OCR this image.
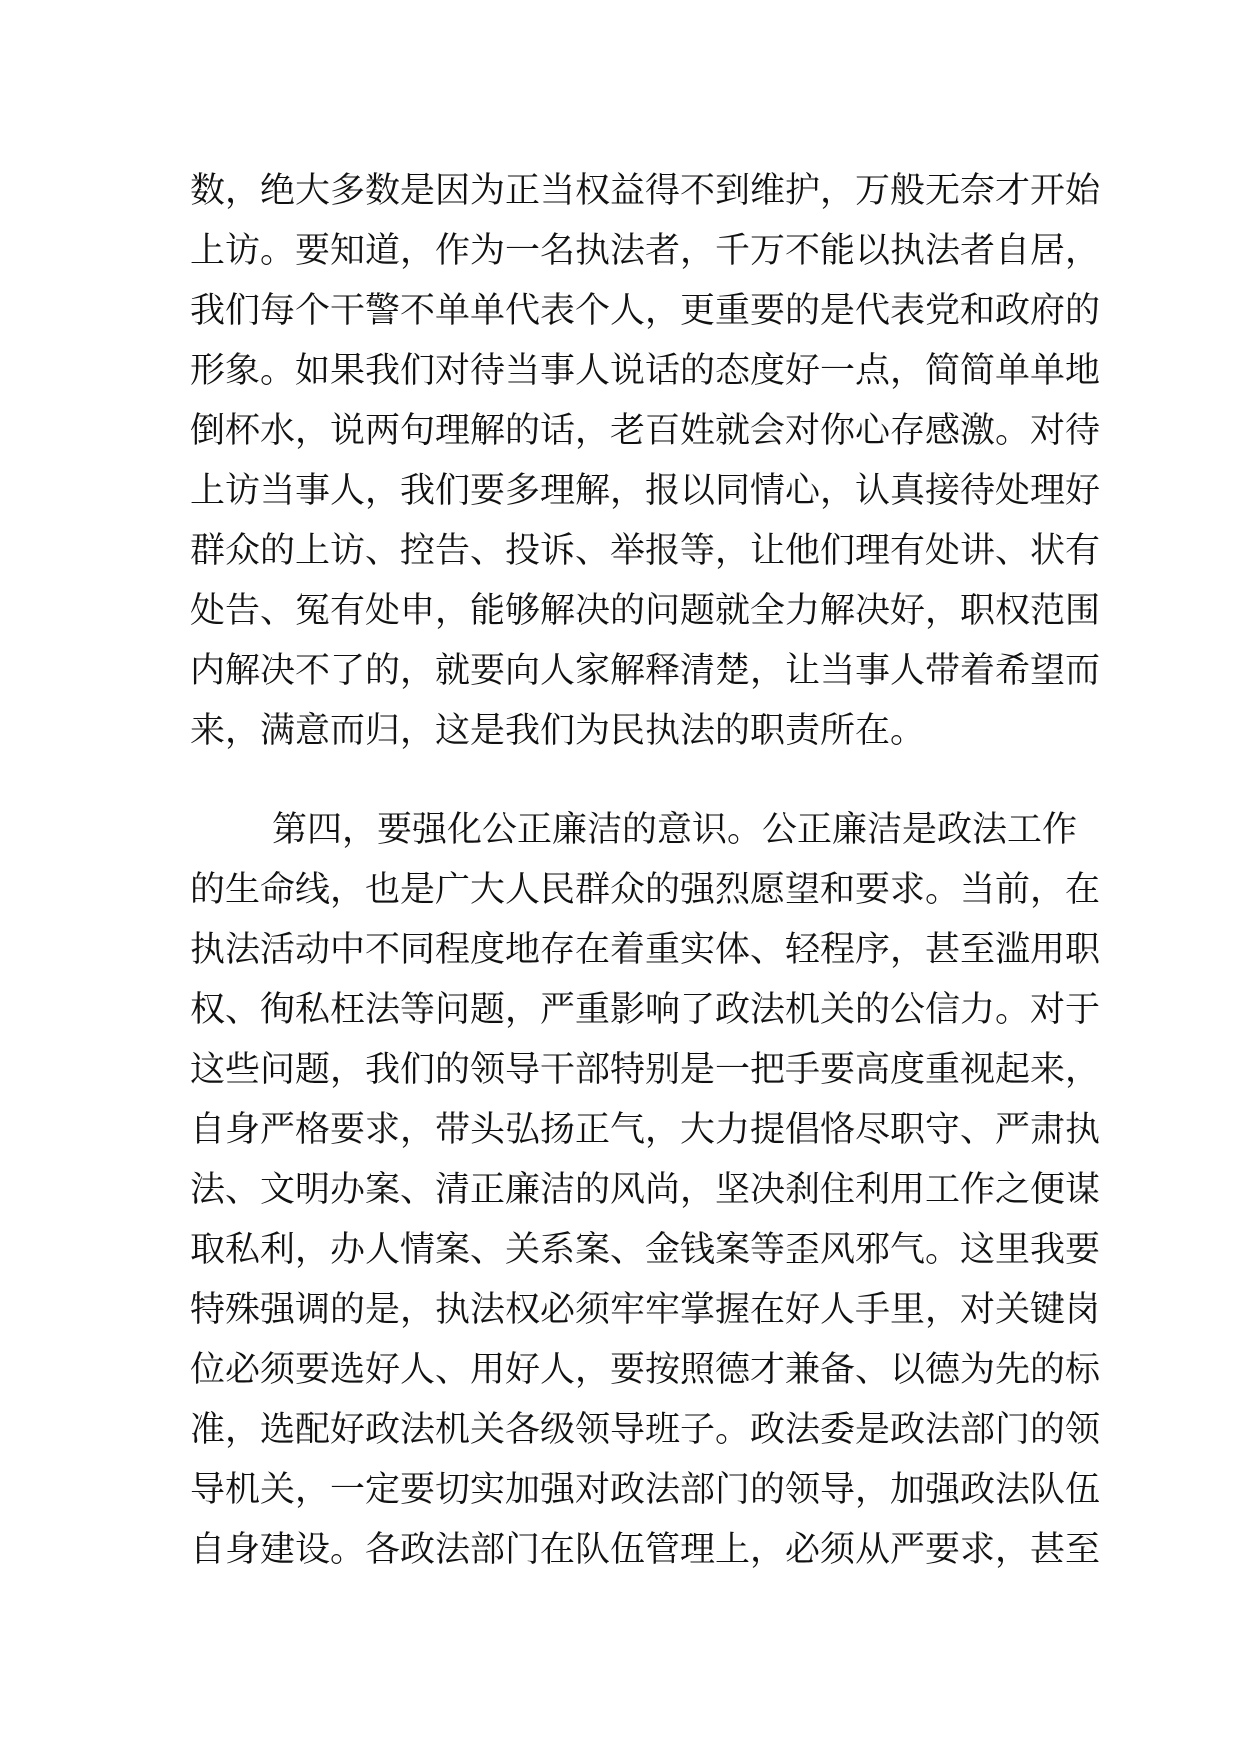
数，绝大多数是因为正当权益得不到维护，万般无奈才开始
上访。要知道，作为一名执法者，千万不能以执法者自居，
我们每个干警不单单代表个人，更重要的是代表党和政府的
形象。如果我们对待当事人说话的态度好一点，简简单单地
倒杯水，说两句理解的话，老百姓就会对你心存感激。对待
上访当事人，我们要多理解，报以同情心，认真接待处理好
群众的上访、控告、投诉、举报等，让他们理有处讲、状有
处告、冤有处申，能够解决的问题就全力解决好，职权范围
内解决不了的，就要向人家解释清楚，让当事人带着希望而
来，满意而归，这是我们为民执法的职责所在。
第四，要强化公正廉洁的意识。公正廉洁是政法工作
的生命线，也是广大人民群众的强烈愿望和要求。当前，在
执法活动中不同程度地存在着重实体、轻程序，甚至滥用职
权、徇私枉法等问题，严重影响了政法机关的公信力。对于
这些问题，我们的领导干部特别是一把手要高度重视起来，
自身严格要求，带头弘扬正气，大力提倡恪尽职守、严肃执
法、文明办案、清正廉洁的风尚，坚决刹住利用工作之便谋
取私利，办人情案、关系案、金钱案等歪风邪气。这里我要
特殊强调的是，执法权必须牢牢掌握在好人手里，对关键岗
位必须要选好人、用好人，要按照德才兼备、以德为先的标
准，选配好政法机关各级领导班子。政法委是政法部门的领
导机关，一定要切实加强对政法部门的领导，加强政法队伍
自身建设。各政法部门在队伍管理上，必须从严要求，甚至
